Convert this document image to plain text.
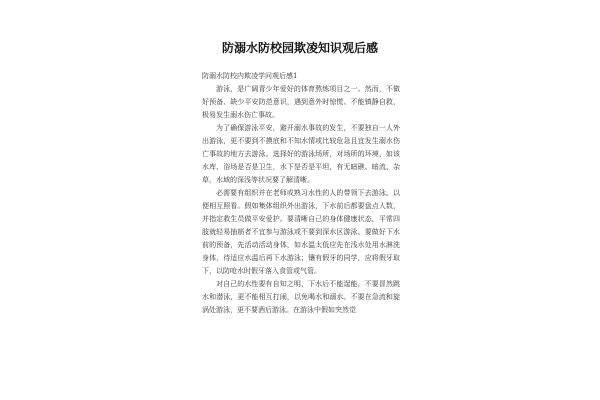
防溺水防校园欺凌知识观后感

防溺水防校内欺凌学问观后感1

游泳，是广阔青少年爱好的体育熬炼项目之一。然而，不做好预备、缺少平安防范意识，遇到意外时惊慌、不能镇静自救，极易发生溺水伤亡事故。

为了确保游泳平安，避开溺水事故的发生，不要独自一人外出游泳，更不要到不摸底和不知水情或比较危急且宜发生溺水伤亡事故的地方去游泳。选择好的游泳场所，对场所的环境，如该水库、浴场是否是卫生，水下是否是平坦，有无暗礁、暗流、杂草，水域的深浅等状况要了解清晰。

必需要有组织并在老师或熟习水性的人的带领下去游泳。以便相互照看。假如集体组织外出游泳，下水前后都要盘点人数，并指定救生员做平安爱护。要清晰自己的身体健康状态，平常四肢就轻易抽筋者不宜参与游泳或不要到深水区游泳。要做好下水前的预备，先活动活动身体，如水温太低应先在浅水处用水淋洗身体，待适应水温后再下水游泳；镶有假牙的同学，应将假牙取下，以防呛水时假牙落入食管或气管。

对自己的水性要有自知之明，下水后不能逞能，不要冒然跳水和潜泳，更不能相互打闹，以免喝水和溺水。不要在急流和旋涡处游泳，更不要酒后游泳。在游泳中假如突然觉
